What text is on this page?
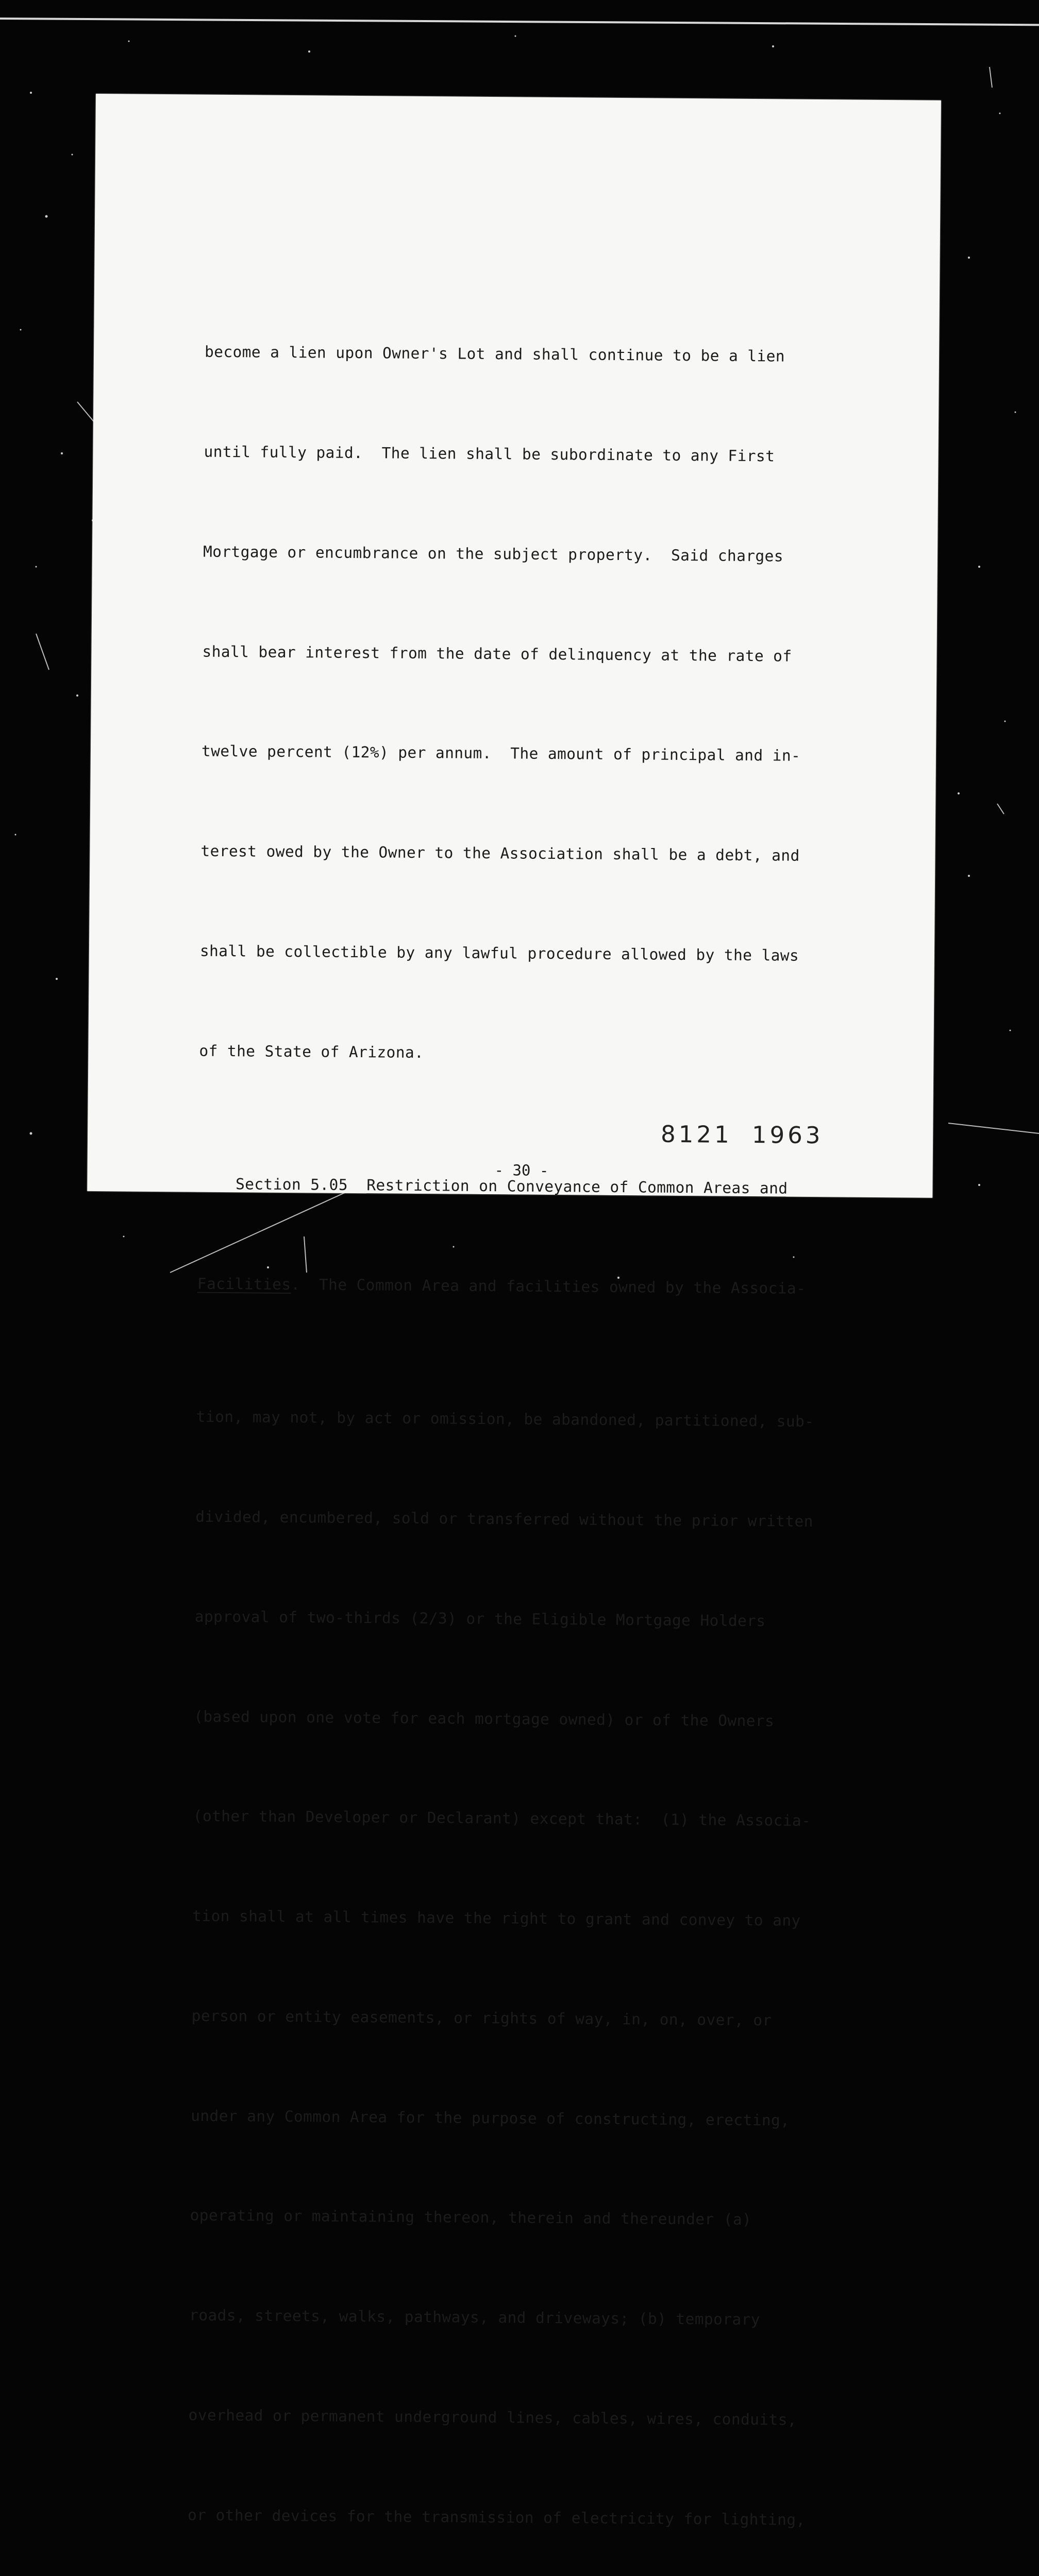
become a lien upon Owner's Lot and shall continue to be a lien

until fully paid.  The lien shall be subordinate to any First

Mortgage or encumbrance on the subject property.  Said charges

shall bear interest from the date of delinquency at the rate of

twelve percent (12%) per annum.  The amount of principal and in-

terest owed by the Owner to the Association shall be a debt, and

shall be collectible by any lawful procedure allowed by the laws

of the State of Arizona.

Section 5.05  Restriction on Conveyance of Common Areas and

Facilities.  The Common Area and facilities owned by the Associa-

tion, may not, by act or omission, be abandoned, partitioned, sub-

divided, encumbered, sold or transferred without the prior written

approval of two-thirds (2/3) or the Eligible Mortgage Holders

(based upon one vote for each mortgage owned) or of the Owners

(other than Developer or Declarant) except that:  (1) the Associa-

tion shall at all times have the right to grant and convey to any

person or entity easements, or rights of way, in, on, over, or

under any Common Area for the purpose of constructing, erecting,

operating or maintaining thereon, therein and thereunder (a)

roads, streets, walks, pathways, and driveways; (b) temporary

overhead or permanent underground lines, cables, wires, conduits,

or other devices for the transmission of electricity for lighting,

8121 1963
- 30 -
